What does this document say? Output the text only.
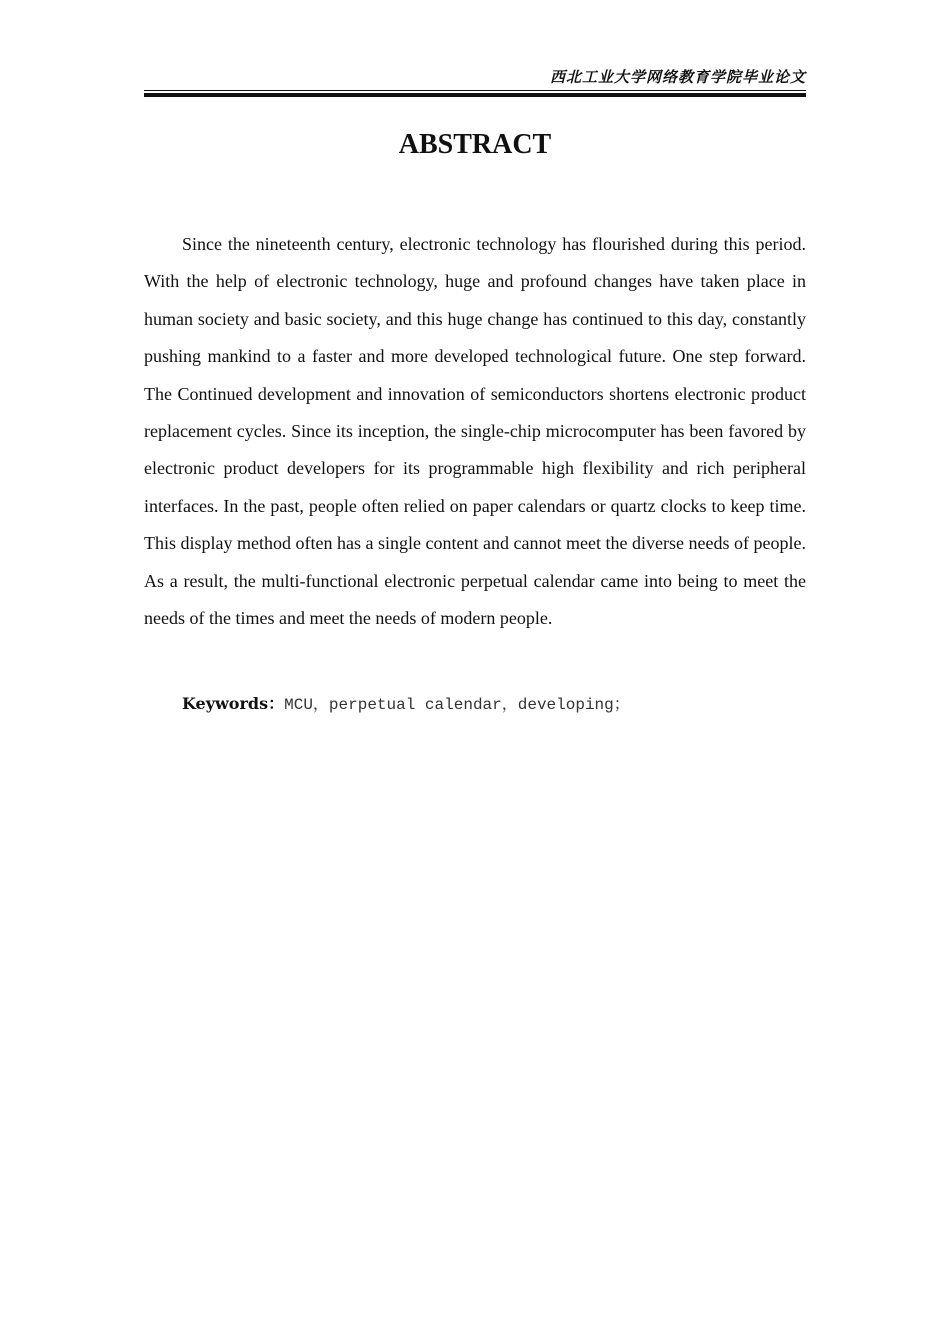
西北工业大学网络教育学院毕业论文
ABSTRACT

Since the nineteenth century, electronic technology has flourished during this period. With the help of electronic technology, huge and profound changes have taken place in human society and basic society, and this huge change has continued to this day, constantly pushing mankind to a faster and more developed technological future. One step forward. The Continued development and innovation of semiconductors shortens electronic product replacement cycles. Since its inception, the single-chip microcomputer has been favored by electronic product developers for its programmable high flexibility and rich peripheral interfaces. In the past, people often relied on paper calendars or quartz clocks to keep time. This display method often has a single content and cannot meet the diverse needs of people. As a result, the multi-functional electronic perpetual calendar came into being to meet the needs of the times and meet the needs of modern people.

Keywords：MCU，perpetual calendar，developing；
